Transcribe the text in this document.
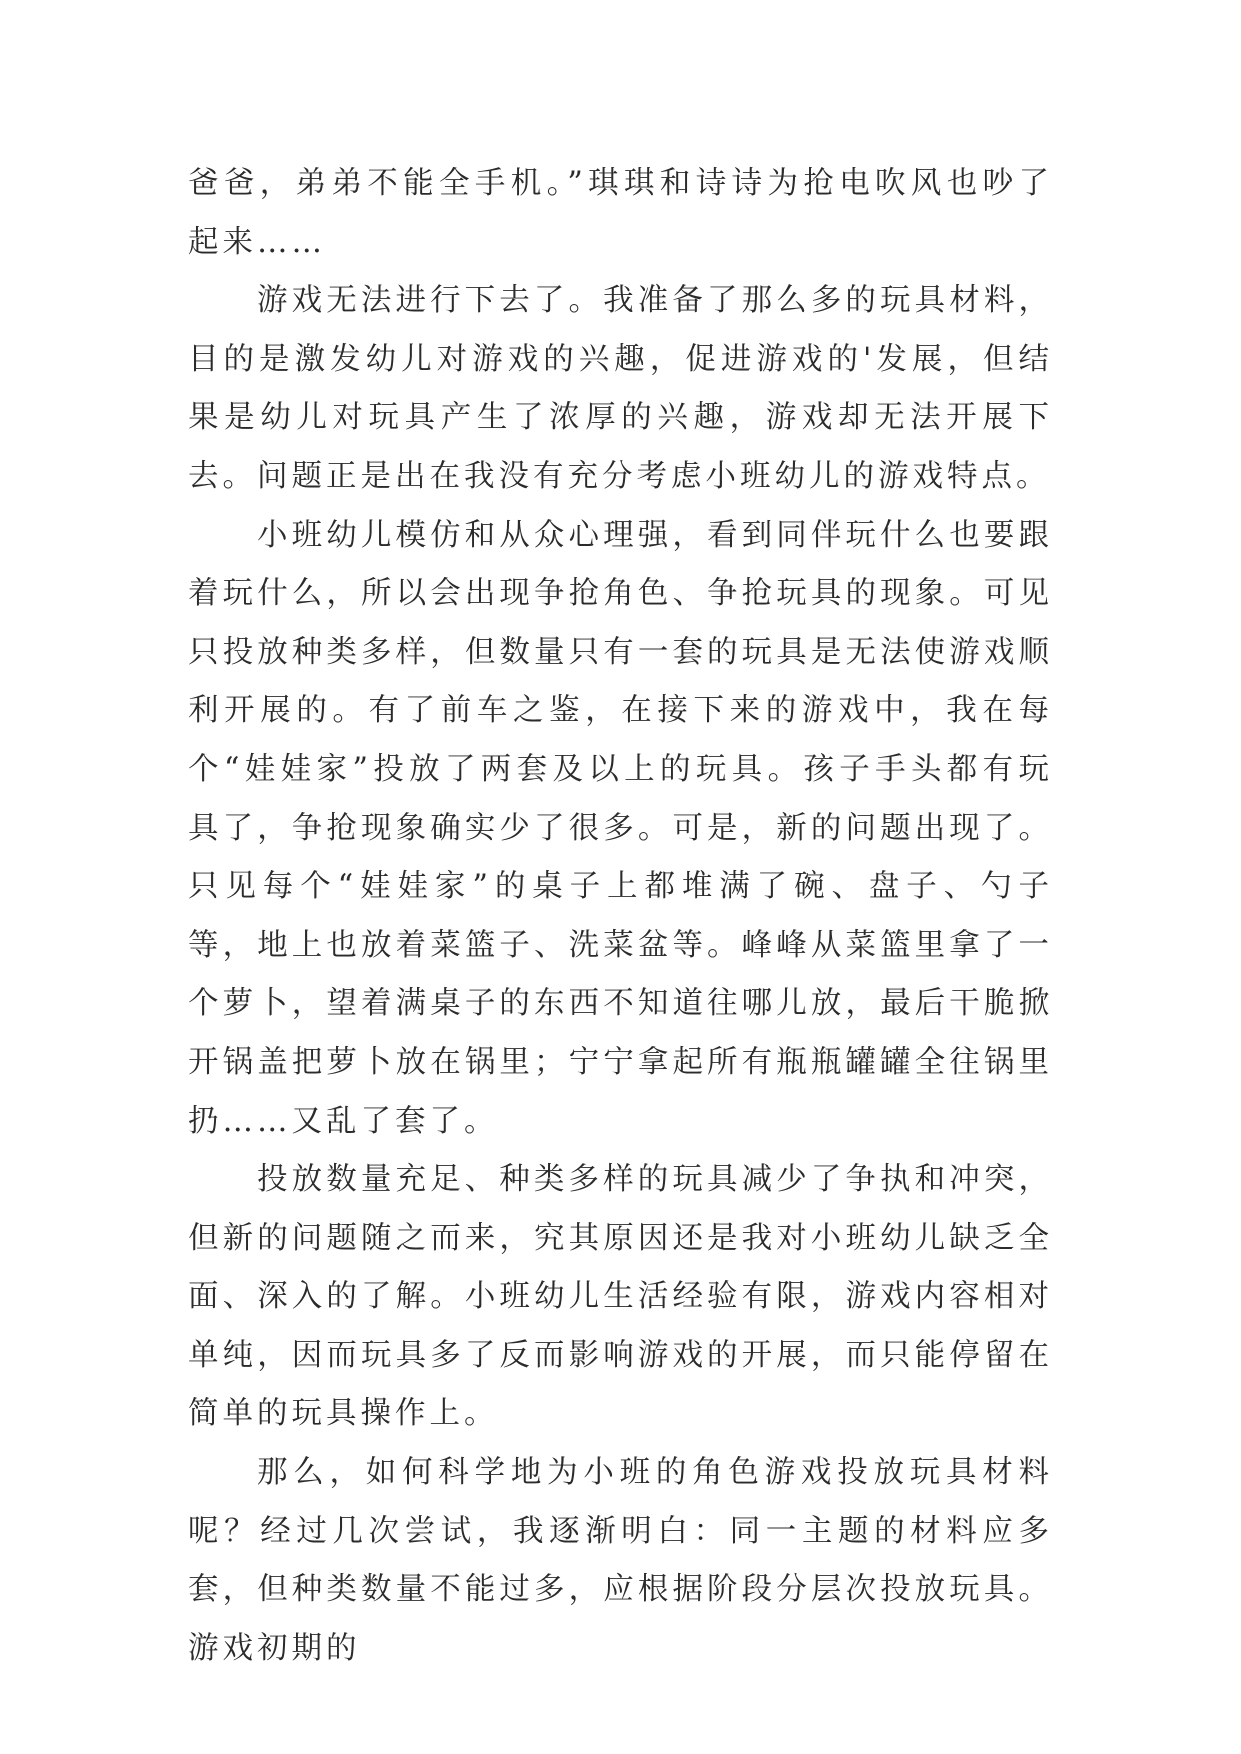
爸爸，弟弟不能全手机。”琪琪和诗诗为抢电吹风也吵了起来……

游戏无法进行下去了。我准备了那么多的玩具材料，目的是激发幼儿对游戏的兴趣，促进游戏的'发展，但结果是幼儿对玩具产生了浓厚的兴趣，游戏却无法开展下去。问题正是出在我没有充分考虑小班幼儿的游戏特点。

小班幼儿模仿和从众心理强，看到同伴玩什么也要跟着玩什么，所以会出现争抢角色、争抢玩具的现象。可见只投放种类多样，但数量只有一套的玩具是无法使游戏顺利开展的。有了前车之鉴，在接下来的游戏中，我在每个“娃娃家”投放了两套及以上的玩具。孩子手头都有玩具了，争抢现象确实少了很多。可是，新的问题出现了。只见每个“娃娃家”的桌子上都堆满了碗、盘子、勺子等，地上也放着菜篮子、洗菜盆等。峰峰从菜篮里拿了一个萝卜，望着满桌子的东西不知道往哪儿放，最后干脆掀开锅盖把萝卜放在锅里；宁宁拿起所有瓶瓶罐罐全往锅里扔……又乱了套了。

投放数量充足、种类多样的玩具减少了争执和冲突，但新的问题随之而来，究其原因还是我对小班幼儿缺乏全面、深入的了解。小班幼儿生活经验有限，游戏内容相对单纯，因而玩具多了反而影响游戏的开展，而只能停留在简单的玩具操作上。

那么，如何科学地为小班的角色游戏投放玩具材料呢？经过几次尝试，我逐渐明白：同一主题的材料应多套，但种类数量不能过多，应根据阶段分层次投放玩具。游戏初期的
